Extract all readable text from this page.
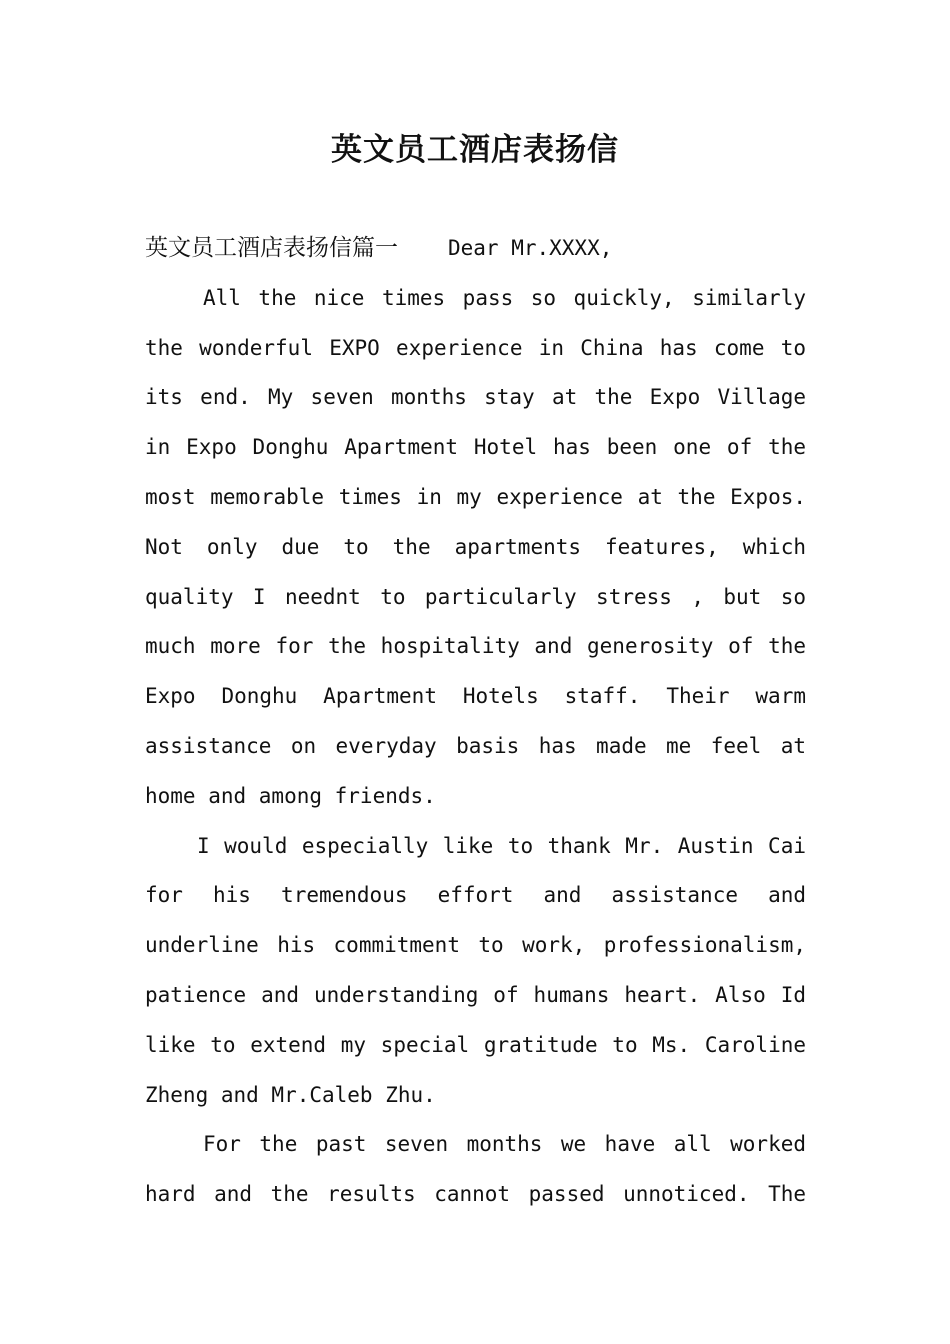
英文员工酒店表扬信
英文员工酒店表扬信篇一 Dear Mr.XXXX,
All the nice times pass so quickly, similarly
the wonderful EXPO experience in China has come to
its end. My seven months stay at the Expo Village
in Expo Donghu Apartment Hotel has been one of the
most memorable times in my experience at the Expos.
Not only due to the apartments features, which
quality I neednt to particularly stress , but so
much more for the hospitality and generosity of the
Expo Donghu Apartment Hotels staff. Their warm
assistance on everyday basis has made me feel at
home and among friends.
I would especially like to thank Mr. Austin Cai
for his tremendous effort and assistance and
underline his commitment to work, professionalism,
patience and understanding of humans heart. Also Id
like to extend my special gratitude to Ms. Caroline
Zheng and Mr.Caleb Zhu.
For the past seven months we have all worked
hard and the results cannot passed unnoticed. The
